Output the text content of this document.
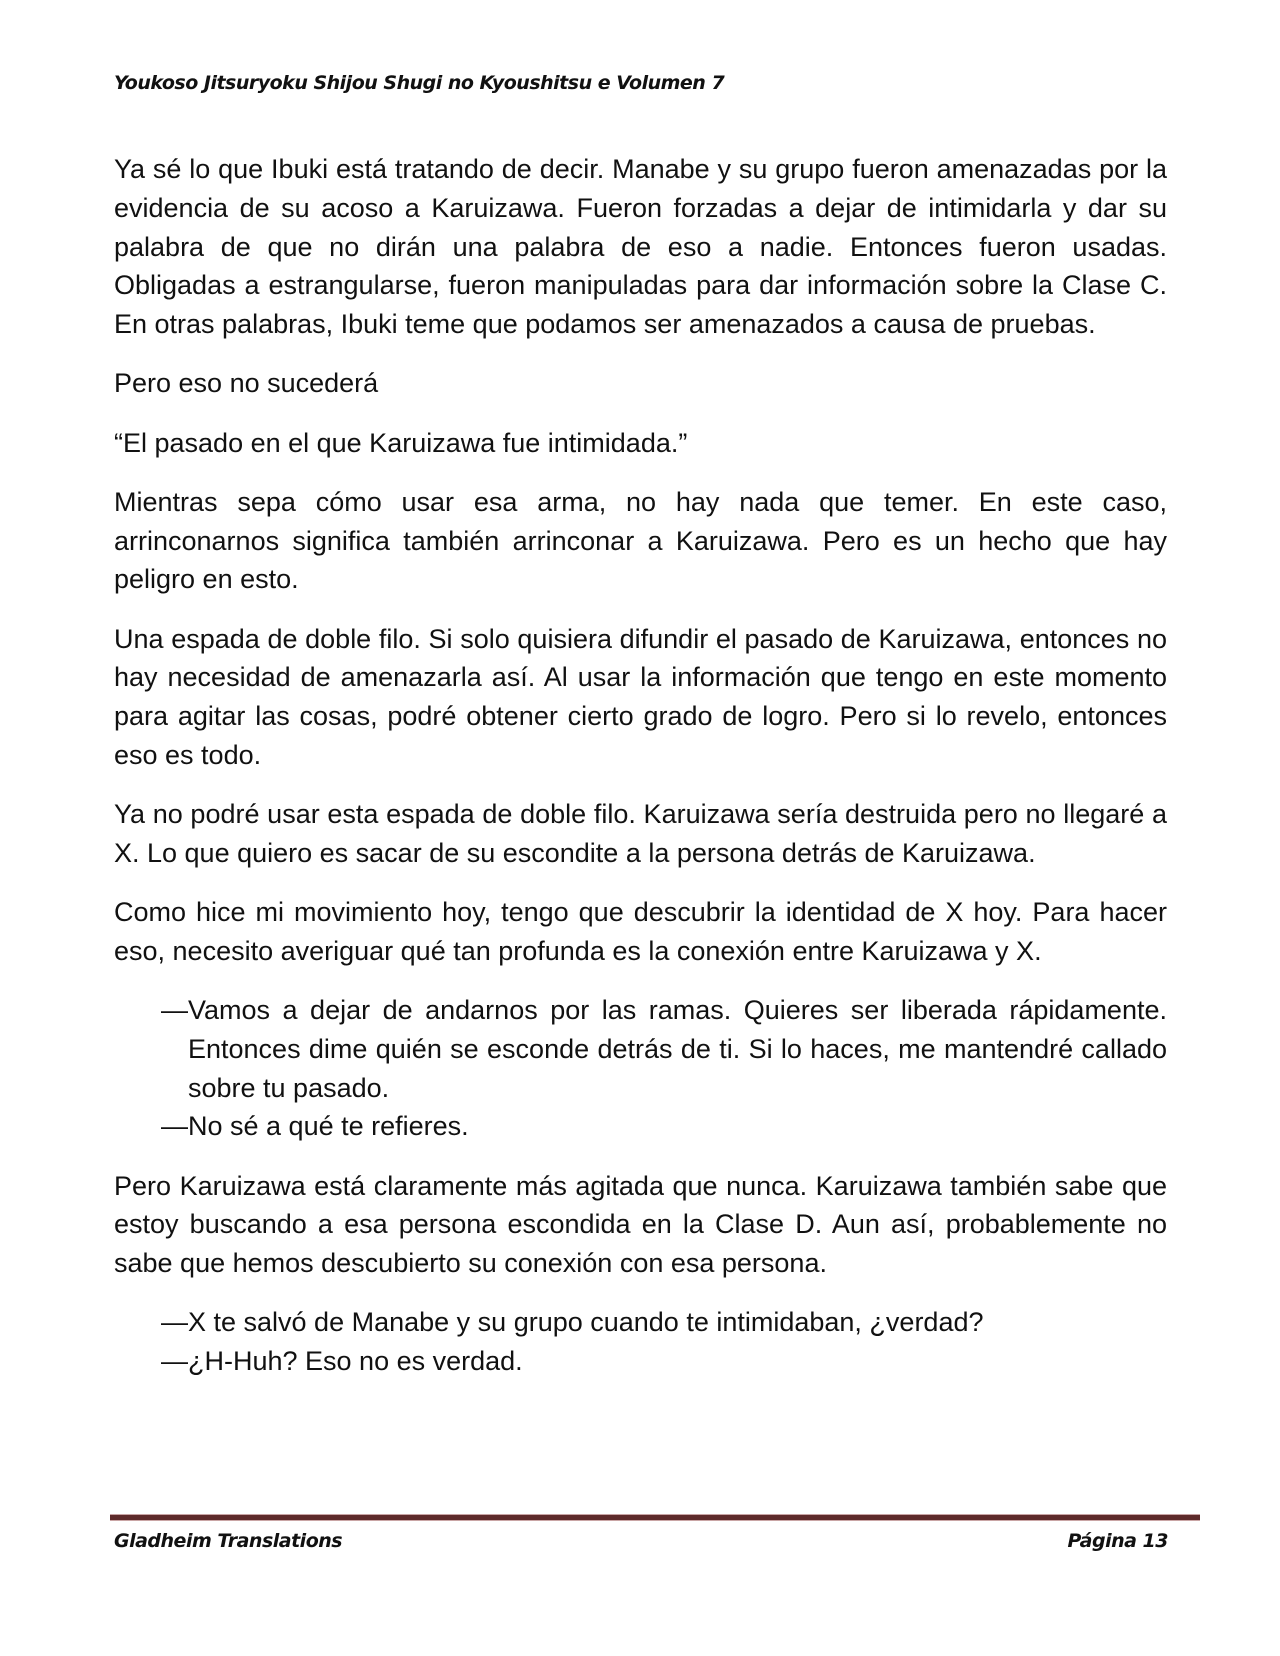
Youkoso Jitsuryoku Shijou Shugi no Kyoushitsu e Volumen 7

Ya sé lo que Ibuki está tratando de decir. Manabe y su grupo fueron amenazadas por la evidencia de su acoso a Karuizawa. Fueron forzadas a dejar de intimidarla y dar su palabra de que no dirán una palabra de eso a nadie. Entonces fueron usadas. Obligadas a estrangularse, fueron manipuladas para dar información sobre la Clase C. En otras palabras, Ibuki teme que podamos ser amenazados a causa de pruebas.

Pero eso no sucederá

“El pasado en el que Karuizawa fue intimidada.”

Mientras sepa cómo usar esa arma, no hay nada que temer. En este caso, arrinconarnos significa también arrinconar a Karuizawa. Pero es un hecho que hay peligro en esto.

Una espada de doble filo. Si solo quisiera difundir el pasado de Karuizawa, entonces no hay necesidad de amenazarla así. Al usar la información que tengo en este momento para agitar las cosas, podré obtener cierto grado de logro. Pero si lo revelo, entonces eso es todo.

Ya no podré usar esta espada de doble filo. Karuizawa sería destruida pero no llegaré a X. Lo que quiero es sacar de su escondite a la persona detrás de Karuizawa.

Como hice mi movimiento hoy, tengo que descubrir la identidad de X hoy. Para hacer eso, necesito averiguar qué tan profunda es la conexión entre Karuizawa y X.

— Vamos a dejar de andarnos por las ramas. Quieres ser liberada rápidamente. Entonces dime quién se esconde detrás de ti. Si lo haces, me mantendré callado sobre tu pasado.
— No sé a qué te refieres.

Pero Karuizawa está claramente más agitada que nunca. Karuizawa también sabe que estoy buscando a esa persona escondida en la Clase D. Aun así, probablemente no sabe que hemos descubierto su conexión con esa persona.

— X te salvó de Manabe y su grupo cuando te intimidaban, ¿verdad?
— ¿H-Huh? Eso no es verdad.
Gladheim Translations	Página 13
